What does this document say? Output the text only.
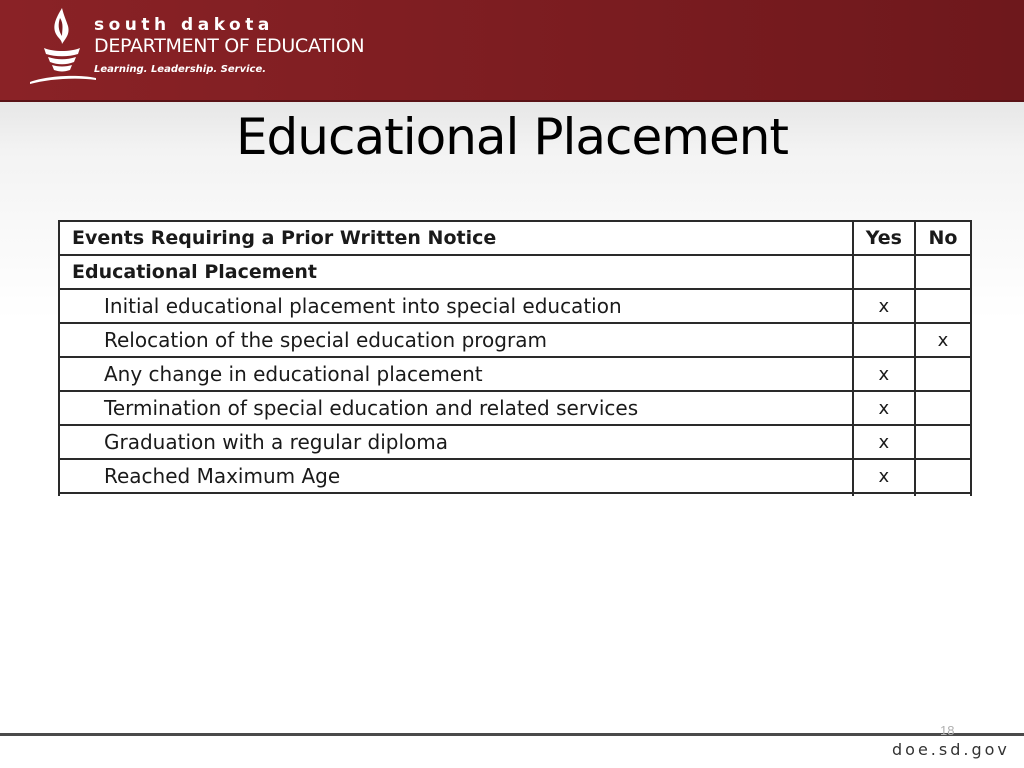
south dakota
DEPARTMENT OF EDUCATION
Learning. Leadership. Service.
Educational Placement
Events Requiring a Prior Written Notice	Yes	No
Educational Placement		
Initial educational placement into special education	x	
Relocation of the special education program		x
Any change in educational placement	x	
Termination of special education and related services	x	
Graduation with a regular diploma	x	
Reached Maximum Age	x	

18
doe.sd.gov
